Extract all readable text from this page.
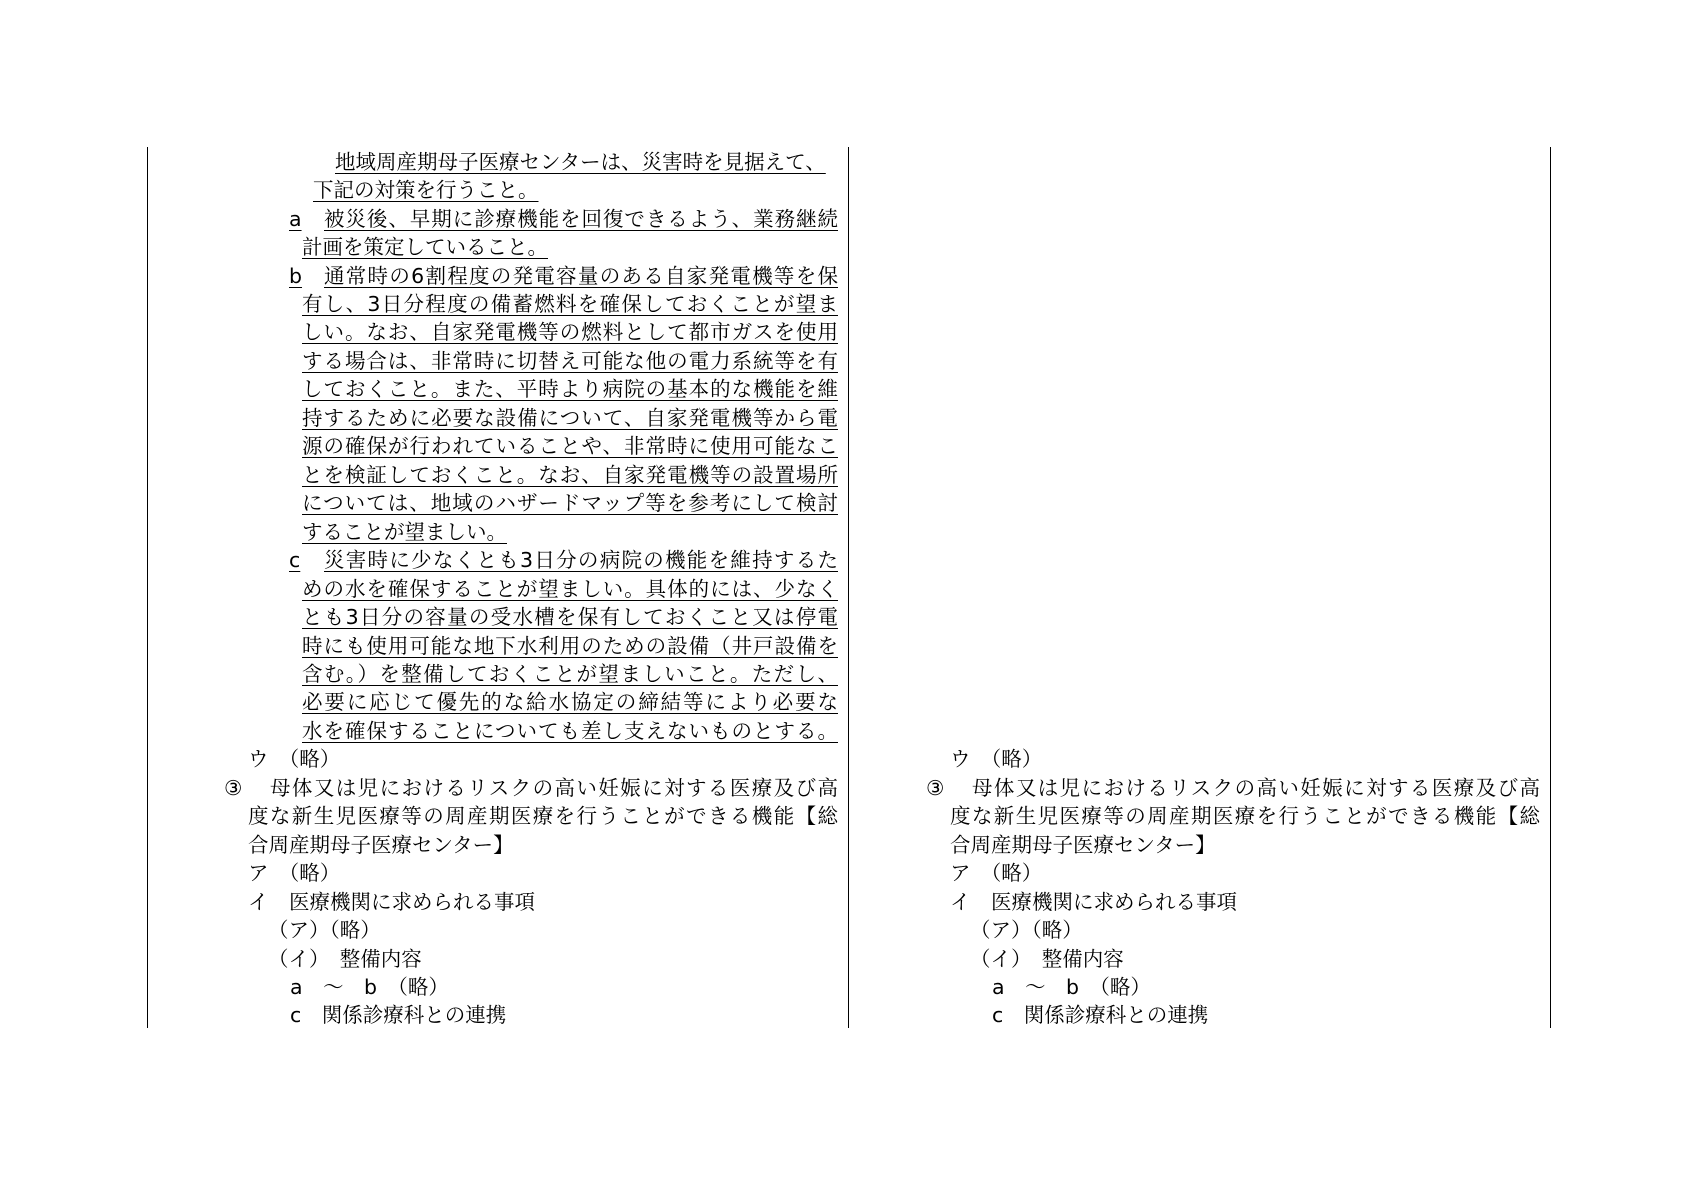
地域周産期母子医療センターは、災害時を見据えて、
下記の対策を行うこと。
a 被災後、早期に診療機能を回復できるよう、業務継続
計画を策定していること。
b 通常時の6割程度の発電容量のある自家発電機等を保
有し、3日分程度の備蓄燃料を確保しておくことが望ま
しい。なお、自家発電機等の燃料として都市ガスを使用
する場合は、非常時に切替え可能な他の電力系統等を有
しておくこと。また、平時より病院の基本的な機能を維
持するために必要な設備について、自家発電機等から電
源の確保が行われていることや、非常時に使用可能なこ
とを検証しておくこと。なお、自家発電機等の設置場所
については、地域のハザードマップ等を参考にして検討
することが望ましい。
c 災害時に少なくとも3日分の病院の機能を維持するた
めの水を確保することが望ましい。具体的には、少なく
とも3日分の容量の受水槽を保有しておくこと又は停電
時にも使用可能な地下水利用のための設備（井戸設備を
含む。）を整備しておくことが望ましいこと。ただし、
必要に応じて優先的な給水協定の締結等により必要な
水を確保することについても差し支えないものとする。
ウ　（略）
③ 母体又は児におけるリスクの高い妊娠に対する医療及び高
度な新生児医療等の周産期医療を行うことができる機能【総
合周産期母子医療センター】
ア　（略）
イ　医療機関に求められる事項
（ア）（略）
（イ）　整備内容
a　～　b　（略）
c　関係診療科との連携
ウ　（略）
③ 母体又は児におけるリスクの高い妊娠に対する医療及び高
度な新生児医療等の周産期医療を行うことができる機能【総
合周産期母子医療センター】
ア　（略）
イ　医療機関に求められる事項
（ア）（略）
（イ）　整備内容
a　～　b　（略）
c　関係診療科との連携
